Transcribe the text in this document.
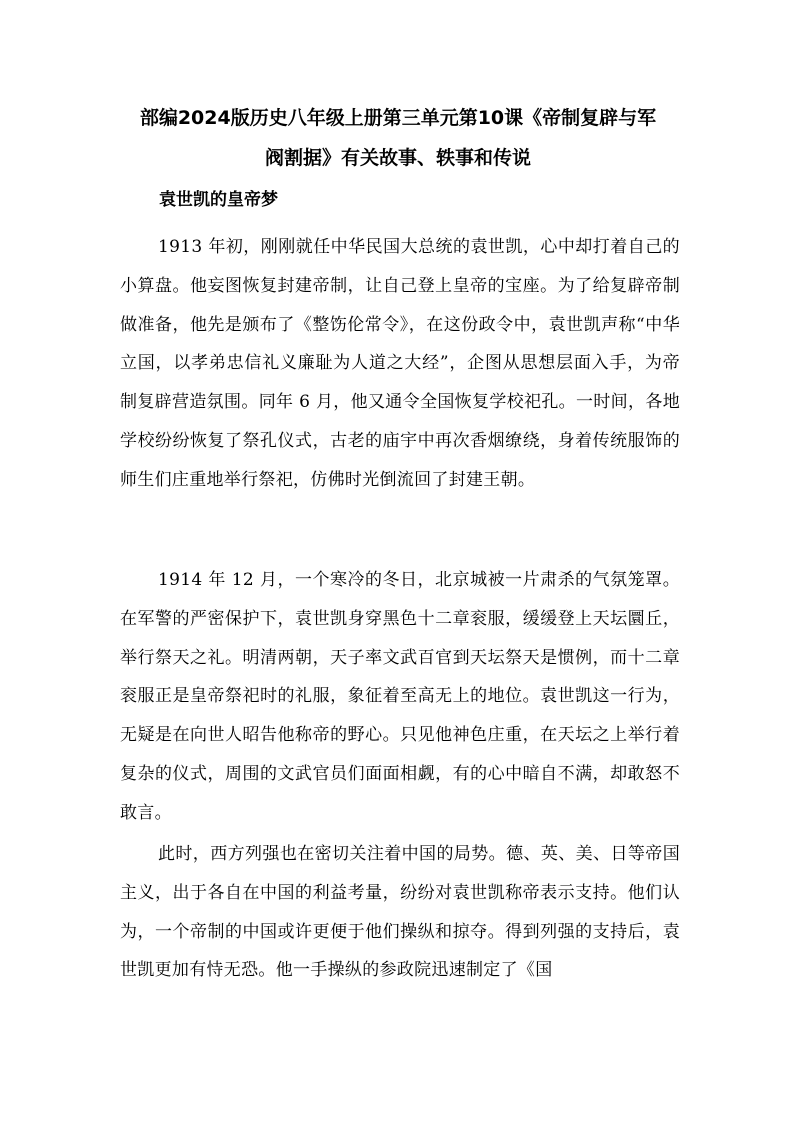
部编2024版历史八年级上册第三单元第10课《帝制复辟与军
阀割据》有关故事、轶事和传说
袁世凯的皇帝梦

1913 年初，刚刚就任中华民国大总统的袁世凯，心中却打着自己的小算盘。他妄图恢复封建帝制，让自己登上皇帝的宝座。为了给复辟帝制做准备，他先是颁布了《整饬伦常令》，在这份政令中，袁世凯声称“中华立国，以孝弟忠信礼义廉耻为人道之大经”，企图从思想层面入手，为帝制复辟营造氛围。同年 6 月，他又通令全国恢复学校祀孔。一时间，各地学校纷纷恢复了祭孔仪式，古老的庙宇中再次香烟缭绕，身着传统服饰的师生们庄重地举行祭祀，仿佛时光倒流回了封建王朝。

1914 年 12 月，一个寒冷的冬日，北京城被一片肃杀的气氛笼罩。在军警的严密保护下，袁世凯身穿黑色十二章衮服，缓缓登上天坛圜丘，举行祭天之礼。明清两朝，天子率文武百官到天坛祭天是惯例，而十二章衮服正是皇帝祭祀时的礼服，象征着至高无上的地位。袁世凯这一行为，无疑是在向世人昭告他称帝的野心。只见他神色庄重，在天坛之上举行着复杂的仪式，周围的文武官员们面面相觑，有的心中暗自不满，却敢怒不敢言。

此时，西方列强也在密切关注着中国的局势。德、英、美、日等帝国主义，出于各自在中国的利益考量，纷纷对袁世凯称帝表示支持。他们认为，一个帝制的中国或许更便于他们操纵和掠夺。得到列强的支持后，袁世凯更加有恃无恐。他一手操纵的参政院迅速制定了《国
